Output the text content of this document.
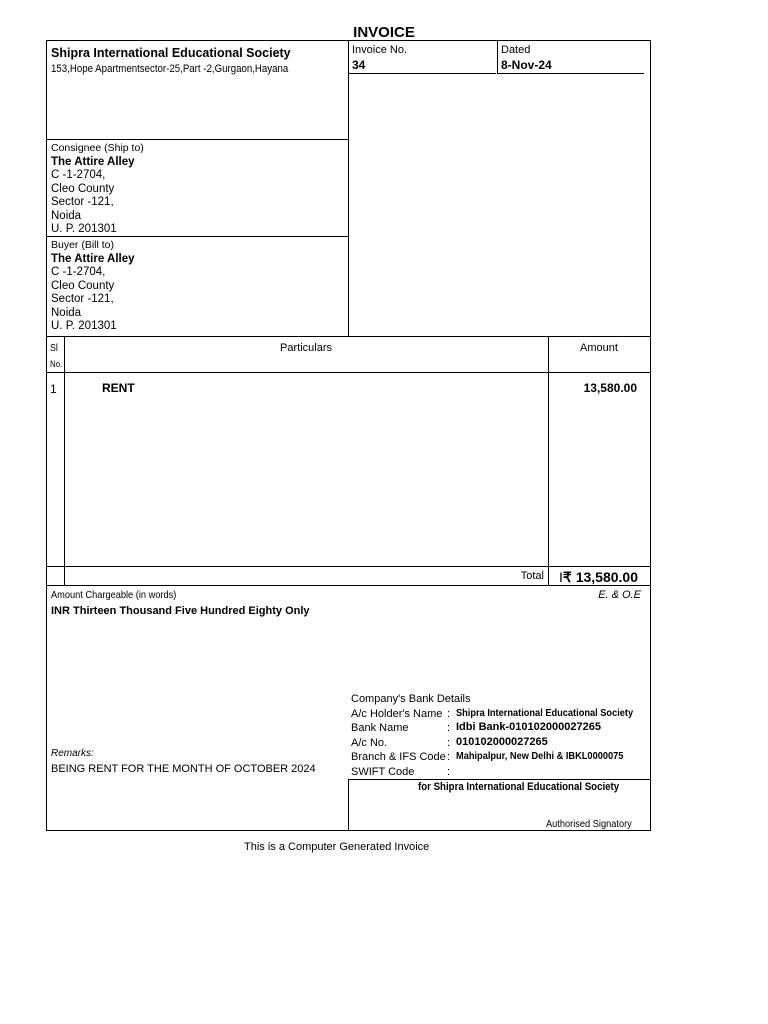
INVOICE
Shipra International Educational Society
153,Hope Apartmentsector-25,Part -2,Gurgaon,Hayana
Invoice No.
34
Dated
8-Nov-24
Consignee (Ship to)
The Attire Alley
C -1-2704,
Cleo County
Sector -121,
Noida
U. P. 201301
Buyer (Bill to)
The Attire Alley
C -1-2704,
Cleo County
Sector -121,
Noida
U. P. 201301
Sl
No.
Particulars	Amount
1	RENT	13,580.00
Total I₹ 13,580.00
Amount Chargeable (in words)	E. & O.E
INR Thirteen Thousand Five Hundred Eighty Only
Remarks:
BEING RENT FOR THE MONTH OF OCTOBER 2024
Company's Bank Details
A/c Holder's Name : Shipra International Educational Society
Bank Name	: Idbi Bank-010102000027265
A/c No.	: 010102000027265
Branch & IFS Code : Mahipalpur, New Delhi & IBKL0000075
SWIFT Code	:
for Shipra International Educational Society
Authorised Signatory
This is a Computer Generated Invoice
